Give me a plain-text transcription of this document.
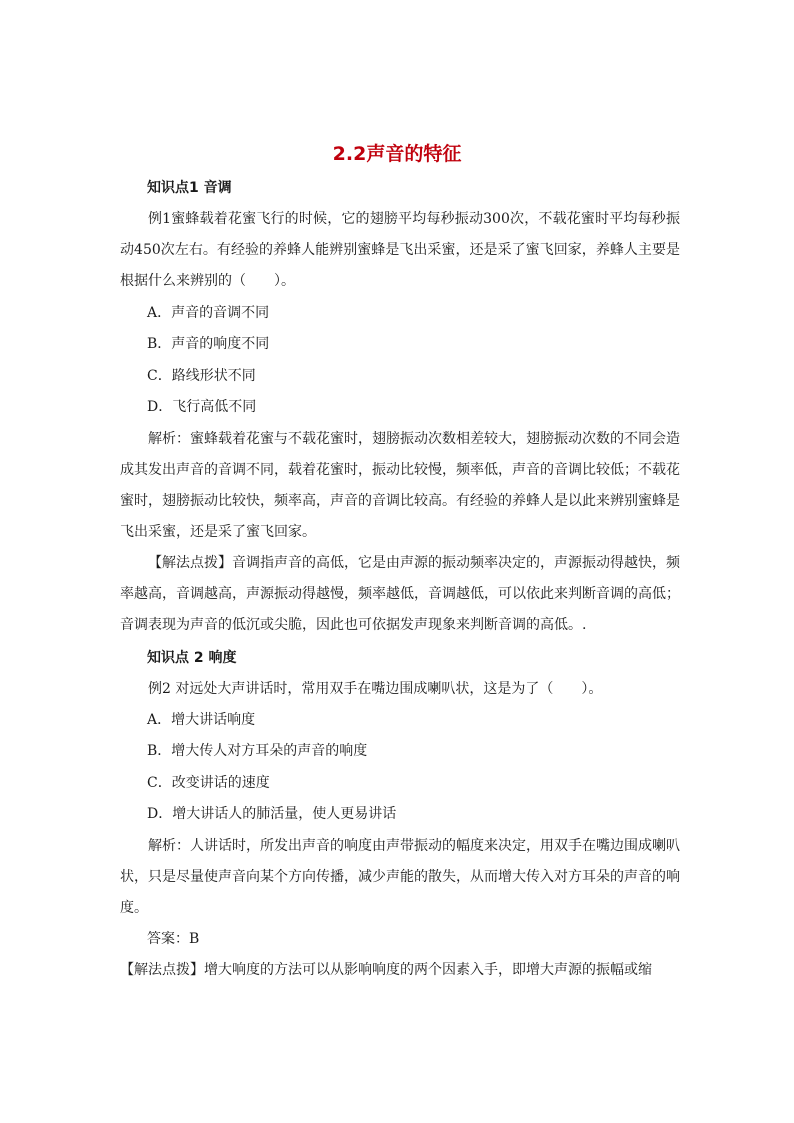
2.2声音的特征
知识点1 音调

例1蜜蜂载着花蜜飞行的时候，它的翅膀平均每秒振动300次，不载花蜜时平均每秒振动450次左右。有经验的养蜂人能辨别蜜蜂是飞出采蜜，还是采了蜜飞回家，养蜂人主要是根据什么来辨别的（　　）。

A．声音的音调不同

B．声音的响度不同

C．路线形状不同

D．飞行高低不同

解析：蜜蜂载着花蜜与不载花蜜时，翅膀振动次数相差较大，翅膀振动次数的不同会造成其发出声音的音调不同，载着花蜜时，振动比较慢，频率低，声音的音调比较低；不载花蜜时，翅膀振动比较快，频率高，声音的音调比较高。有经验的养蜂人是以此来辨别蜜蜂是飞出采蜜，还是采了蜜飞回家。

【解法点拨】音调指声音的高低，它是由声源的振动频率决定的，声源振动得越快，频率越高，音调越高，声源振动得越慢，频率越低，音调越低，可以依此来判断音调的高低；音调表现为声音的低沉或尖脆，因此也可依据发声现象来判断音调的高低。.

知识点 2 响度

例2 对远处大声讲话时，常用双手在嘴边围成喇叭状，这是为了（　　）。

A．增大讲话响度

B．增大传人对方耳朵的声音的响度

C．改变讲话的速度

D．增大讲话人的肺活量，使人更易讲话

解析：人讲话时，所发出声音的响度由声带振动的幅度来决定，用双手在嘴边围成喇叭状，只是尽量使声音向某个方向传播，减少声能的散失，从而增大传入对方耳朵的声音的响度。

答案：B

【解法点拨】增大响度的方法可以从影响响度的两个因素入手，即增大声源的振幅或缩
